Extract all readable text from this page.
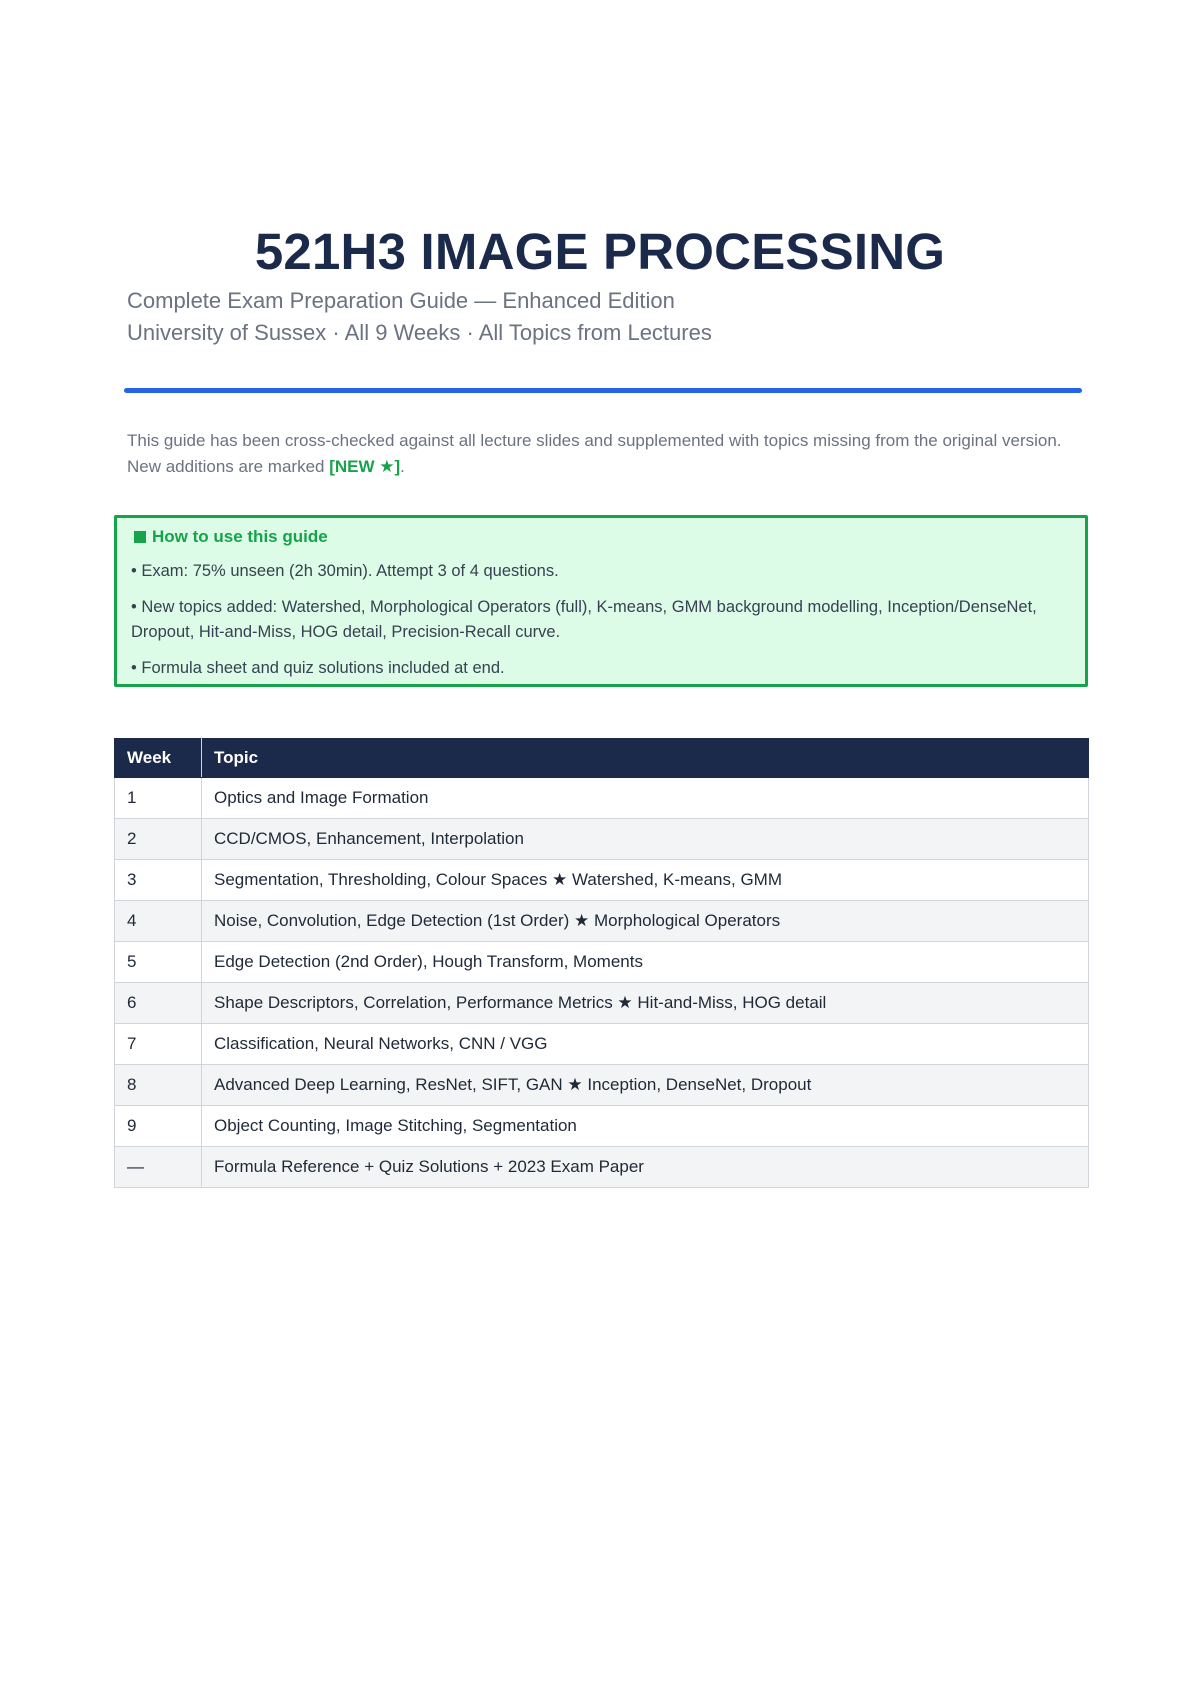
521H3 IMAGE PROCESSING
Complete Exam Preparation Guide — Enhanced Edition
University of Sussex · All 9 Weeks · All Topics from Lectures
This guide has been cross-checked against all lecture slides and supplemented with topics missing from the original version. New additions are marked [NEW ★].
How to use this guide
• Exam: 75% unseen (2h 30min). Attempt 3 of 4 questions.
• New topics added: Watershed, Morphological Operators (full), K-means, GMM background modelling, Inception/DenseNet, Dropout, Hit-and-Miss, HOG detail, Precision-Recall curve.
• Formula sheet and quiz solutions included at end.
Week	Topic
1	Optics and Image Formation
2	CCD/CMOS, Enhancement, Interpolation
3	Segmentation, Thresholding, Colour Spaces ★ Watershed, K-means, GMM
4	Noise, Convolution, Edge Detection (1st Order) ★ Morphological Operators
5	Edge Detection (2nd Order), Hough Transform, Moments
6	Shape Descriptors, Correlation, Performance Metrics ★ Hit-and-Miss, HOG detail
7	Classification, Neural Networks, CNN / VGG
8	Advanced Deep Learning, ResNet, SIFT, GAN ★ Inception, DenseNet, Dropout
9	Object Counting, Image Stitching, Segmentation
—	Formula Reference + Quiz Solutions + 2023 Exam Paper
